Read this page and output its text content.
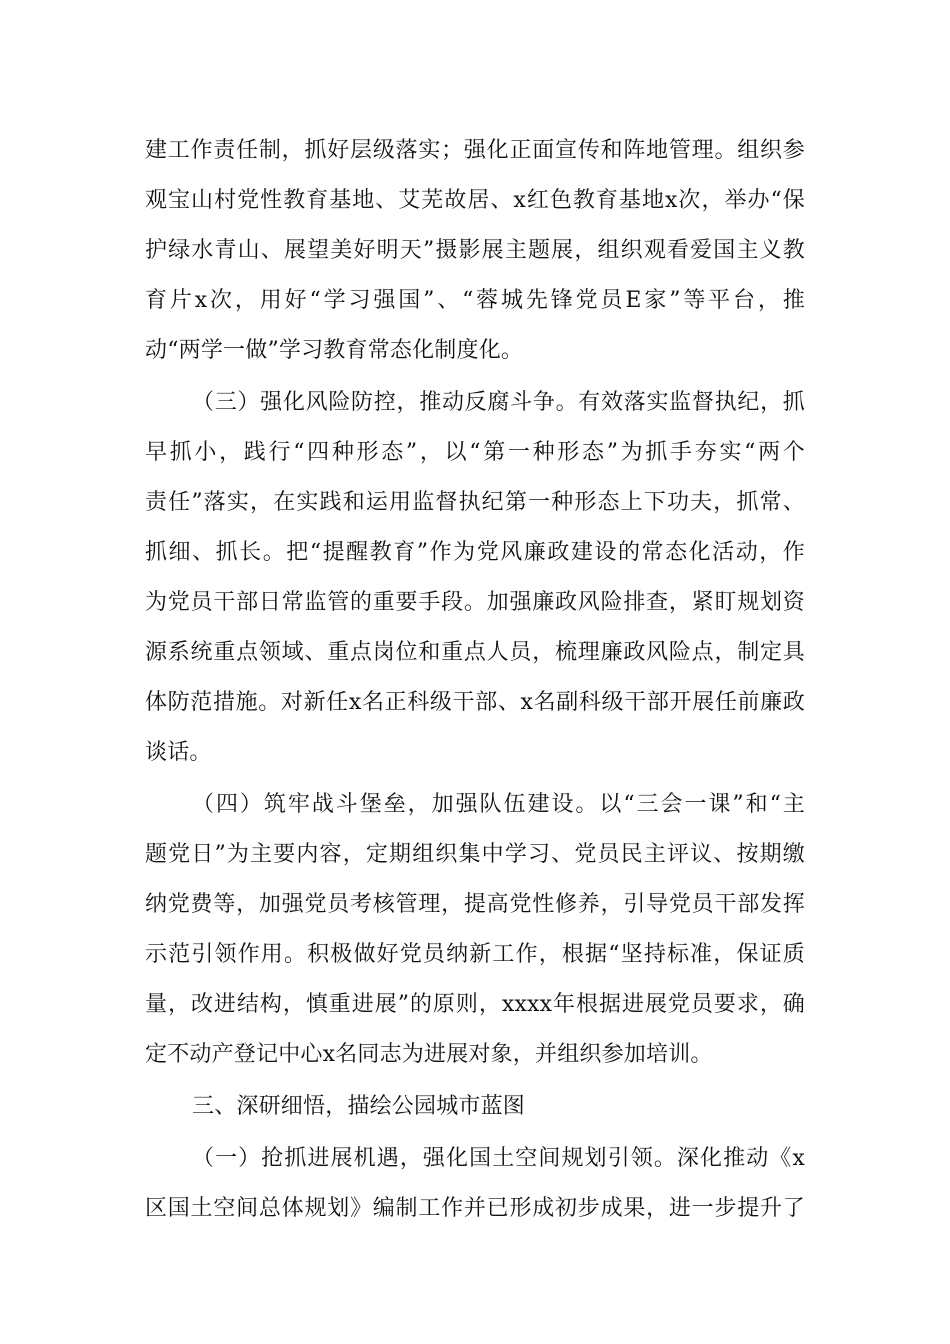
建工作责任制，抓好层级落实；强化正面宣传和阵地管理。组织参
观宝山村党性教育基地、艾芜故居、x红色教育基地x次，举办“保
护绿水青山、展望美好明天”摄影展主题展，组织观看爱国主义教
育片x次，用好“学习强国”、“蓉城先锋党员E家”等平台，推
动“两学一做”学习教育常态化制度化。
（三）强化风险防控，推动反腐斗争。有效落实监督执纪，抓
早抓小，践行“四种形态”，以“第一种形态”为抓手夯实“两个
责任”落实，在实践和运用监督执纪第一种形态上下功夫，抓常、
抓细、抓长。把“提醒教育”作为党风廉政建设的常态化活动，作
为党员干部日常监管的重要手段。加强廉政风险排查，紧盯规划资
源系统重点领域、重点岗位和重点人员，梳理廉政风险点，制定具
体防范措施。对新任x名正科级干部、x名副科级干部开展任前廉政
谈话。
（四）筑牢战斗堡垒，加强队伍建设。以“三会一课”和“主
题党日”为主要内容，定期组织集中学习、党员民主评议、按期缴
纳党费等，加强党员考核管理，提高党性修养，引导党员干部发挥
示范引领作用。积极做好党员纳新工作，根据“坚持标准，保证质
量，改进结构，慎重进展”的原则，xxxx年根据进展党员要求，确
定不动产登记中心x名同志为进展对象，并组织参加培训。
三、深研细悟，描绘公园城市蓝图
（一）抢抓进展机遇，强化国土空间规划引领。深化推动《x
区国土空间总体规划》编制工作并已形成初步成果，进一步提升了
